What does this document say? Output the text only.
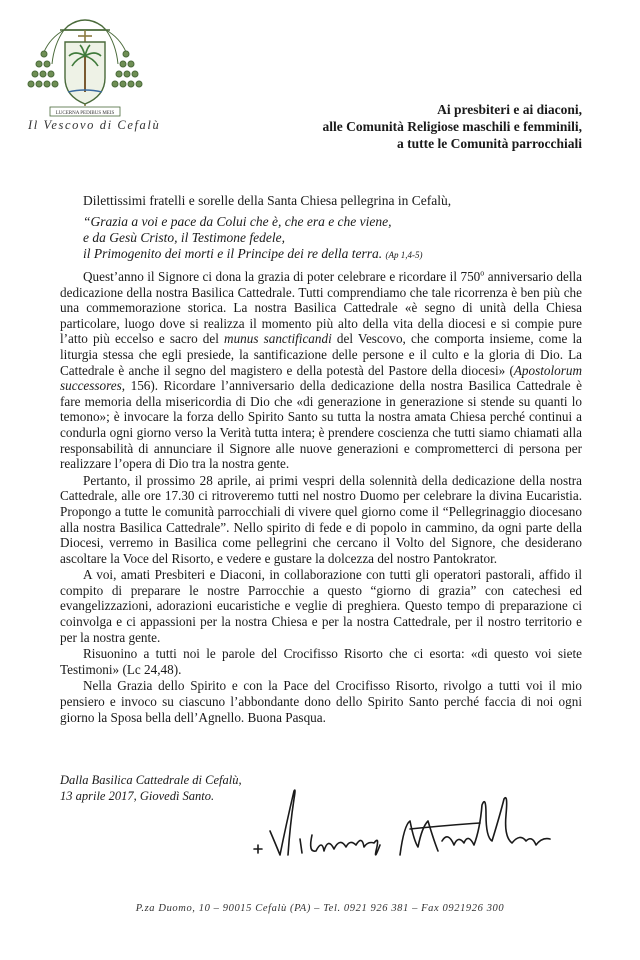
LUCERNA PEDIBUS MEIS
Il Vescovo di Cefalù
Ai presbiteri e ai diaconi,
alle Comunità Religiose maschili e femminili,
a tutte le Comunità parrocchiali
Dilettissimi fratelli e sorelle della Santa Chiesa pellegrina in Cefalù,
“Grazia a voi e pace da Colui che è, che era e che viene,
e da Gesù Cristo, il Testimone fedele,
il Primogenito dei morti e il Principe dei re della terra. (Ap 1,4-5)

Quest’anno il Signore ci dona la grazia di poter celebrare e ricordare il 750$^o$ anniversario della dedicazione della nostra Basilica Cattedrale. Tutti comprendiamo che tale ricorrenza è ben più che una commemorazione storica. La nostra Basilica Cattedrale «è segno di unità della Chiesa particolare, luogo dove si realizza il momento più alto della vita della diocesi e si compie pure l’atto più eccelso e sacro del munus sanctificandi del Vescovo, che comporta insieme, come la liturgia stessa che egli presiede, la santificazione delle persone e il culto e la gloria di Dio. La Cattedrale è anche il segno del magistero e della potestà del Pastore della diocesi» (Apostolorum successores, 156). Ricordare l’anniversario della dedicazione della nostra Basilica Cattedrale è fare memoria della misericordia di Dio che «di generazione in generazione si stende su quanti lo temono»; è invocare la forza dello Spirito Santo su tutta la nostra amata Chiesa perché continui a condurla ogni giorno verso la Verità tutta intera; è prendere coscienza che tutti siamo chiamati alla responsabilità di annunciare il Signore alle nuove generazioni e comprometterci di persona per realizzare l’opera di Dio tra la nostra gente.

Pertanto, il prossimo 28 aprile, ai primi vespri della solennità della dedicazione della nostra Cattedrale, alle ore 17.30 ci ritroveremo tutti nel nostro Duomo per celebrare la divina Eucaristia. Propongo a tutte le comunità parrocchiali di vivere quel giorno come il “Pellegrinaggio diocesano alla nostra Basilica Cattedrale”. Nello spirito di fede e di popolo in cammino, da ogni parte della Diocesi, verremo in Basilica come pellegrini che cercano il Volto del Signore, che desiderano ascoltare la Voce del Risorto, e vedere e gustare la dolcezza del nostro Pantokrator.

A voi, amati Presbiteri e Diaconi, in collaborazione con tutti gli operatori pastorali, affido il compito di preparare le nostre Parrocchie a questo “giorno di grazia” con catechesi ed evangelizzazioni, adorazioni eucaristiche e veglie di preghiera. Questo tempo di preparazione ci coinvolga e ci appassioni per la nostra Chiesa e per la nostra Cattedrale, per il nostro territorio e per la nostra gente.

Risuonino a tutti noi le parole del Crocifisso Risorto che ci esorta: «di questo voi siete Testimoni» (Lc 24,48).

Nella Grazia dello Spirito e con la Pace del Crocifisso Risorto, rivolgo a tutti voi il mio pensiero e invoco su ciascuno l’abbondante dono dello Spirito Santo perché faccia di noi ogni giorno la Sposa bella dell’Agnello. Buona Pasqua.

Dalla Basilica Cattedrale di Cefalù,
13 aprile 2017, Giovedì Santo.
P.za Duomo, 10 – 90015 Cefalù (PA) – Tel. 0921 926 381 – Fax 0921926 300
